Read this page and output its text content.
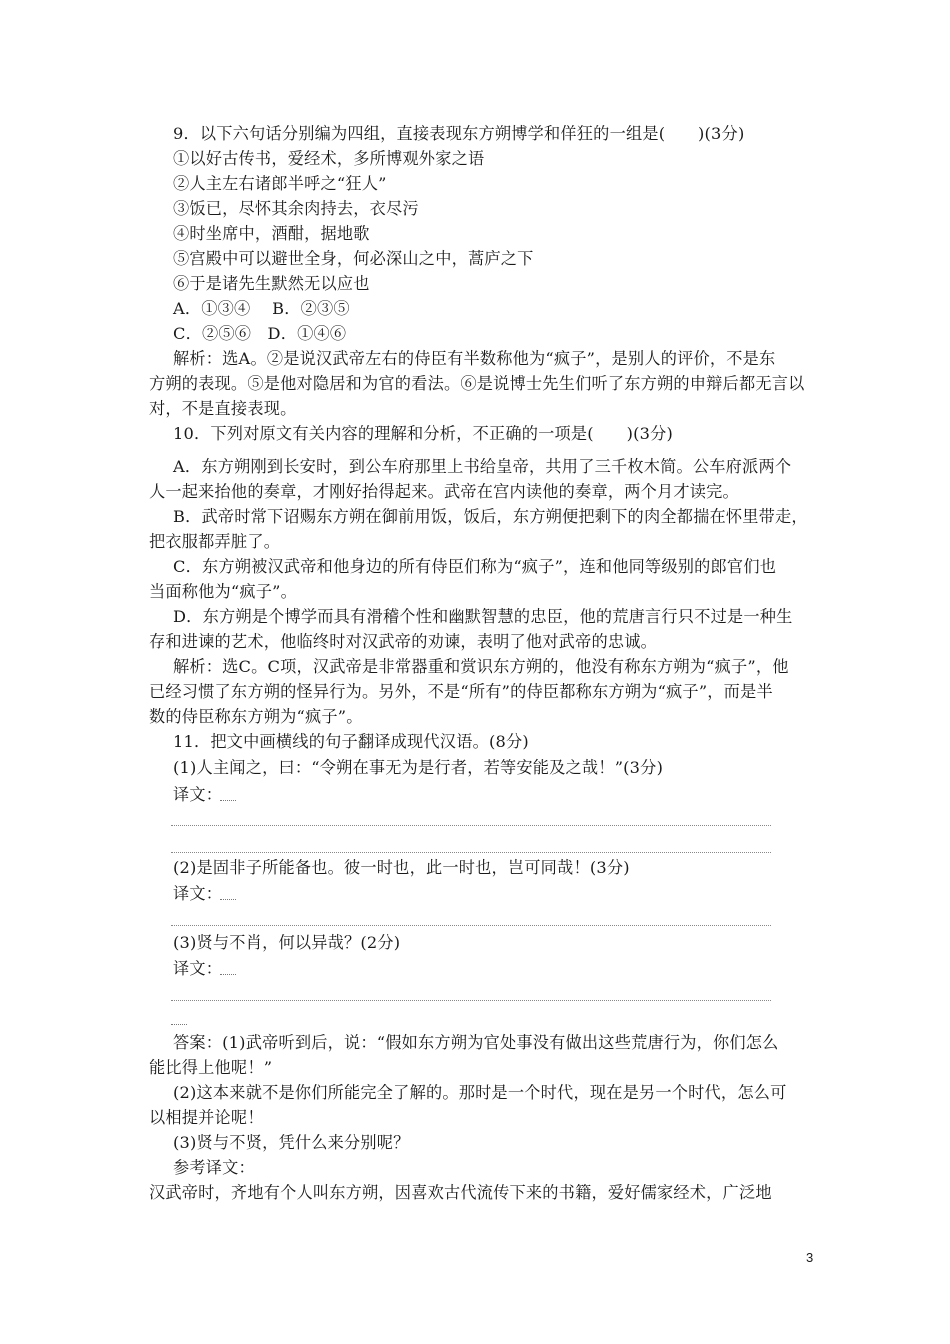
9．以下六句话分别编为四组，直接表现东方朔博学和佯狂的一组是(　　)(3分)
①以好古传书，爱经术，多所博观外家之语
②人主左右诸郎半呼之“狂人”
③饭已，尽怀其余肉持去，衣尽污
④时坐席中，酒酣，据地歌
⑤宫殿中可以避世全身，何必深山之中，蒿庐之下
⑥于是诸先生默然无以应也
A．①③④　 B．②③⑤
C．②⑤⑥　D．①④⑥
解析：选A。②是说汉武帝左右的侍臣有半数称他为“疯子”，是别人的评价，不是东
方朔的表现。⑤是他对隐居和为官的看法。⑥是说博士先生们听了东方朔的申辩后都无言以
对，不是直接表现。
10．下列对原文有关内容的理解和分析，不正确的一项是(　　)(3分)
A．东方朔刚到长安时，到公车府那里上书给皇帝，共用了三千枚木简。公车府派两个
人一起来抬他的奏章，才刚好抬得起来。武帝在宫内读他的奏章，两个月才读完。
B．武帝时常下诏赐东方朔在御前用饭，饭后，东方朔便把剩下的肉全都揣在怀里带走，
把衣服都弄脏了。
C．东方朔被汉武帝和他身边的所有侍臣们称为“疯子”，连和他同等级别的郎官们也
当面称他为“疯子”。
D．东方朔是个博学而具有滑稽个性和幽默智慧的忠臣，他的荒唐言行只不过是一种生
存和进谏的艺术，他临终时对汉武帝的劝谏，表明了他对武帝的忠诚。
解析：选C。C项，汉武帝是非常器重和赏识东方朔的，他没有称东方朔为“疯子”，他
已经习惯了东方朔的怪异行为。另外，不是“所有”的侍臣都称东方朔为“疯子”，而是半
数的侍臣称东方朔为“疯子”。
11．把文中画横线的句子翻译成现代汉语。(8分)
(1)人主闻之，曰：“令朔在事无为是行者，若等安能及之哉！”(3分)
译文：
(2)是固非子所能备也。彼一时也，此一时也，岂可同哉！(3分)
译文：
(3)贤与不肖，何以异哉？(2分)
译文：
答案：(1)武帝听到后，说：“假如东方朔为官处事没有做出这些荒唐行为，你们怎么
能比得上他呢！”
(2)这本来就不是你们所能完全了解的。那时是一个时代，现在是另一个时代，怎么可
以相提并论呢！
(3)贤与不贤，凭什么来分别呢？
参考译文：
汉武帝时，齐地有个人叫东方朔，因喜欢古代流传下来的书籍，爱好儒家经术，广泛地
3
